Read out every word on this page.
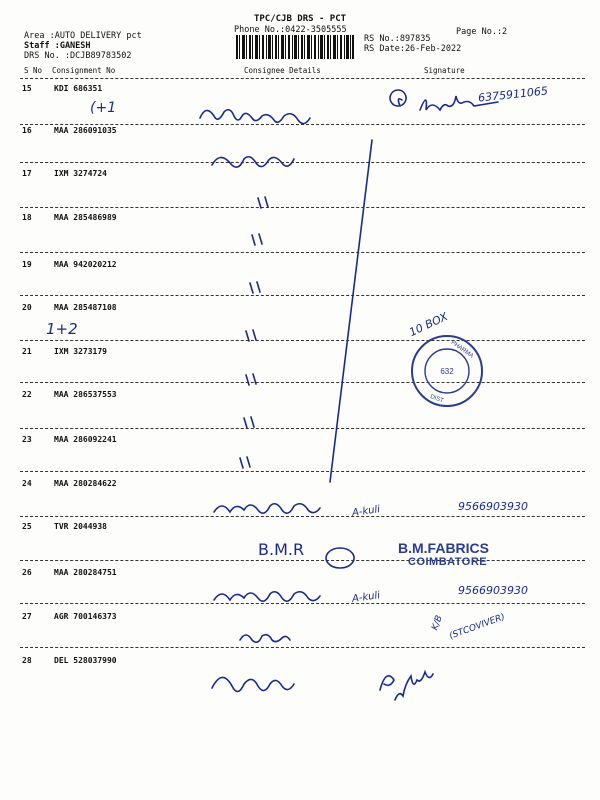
TPC/CJB DRS - PCT
Phone No.:0422-3505555	Page No.:2
Area :AUTO DELIVERY pct
Staff :GANESH
DRS No. :DCJB89783502
RS No.:897835
RS Date:26-Feb-2022
S No Consignment No	Consignee Details	Signature
15	KDI 686351
16	MAA 286091035
17	IXM 3274724
18	MAA 285486989
19	MAA 942020212
20	MAA 285487108
21	IXM 3273179
22	MAA 286537553
23	MAA 286092241
24	MAA 280284622
25	TVR 2044938
26	MAA 280284751
27	AGR 700146373
28	DEL 528037990
632
PHARMA
DIST
(+1
6375911065
1+2	10 BOX
A-kuli	9566903930
B.M.R
A-kuli	9566903930
K/B (STCOVIVER)
B.M.FABRICS
COIMBATORE
